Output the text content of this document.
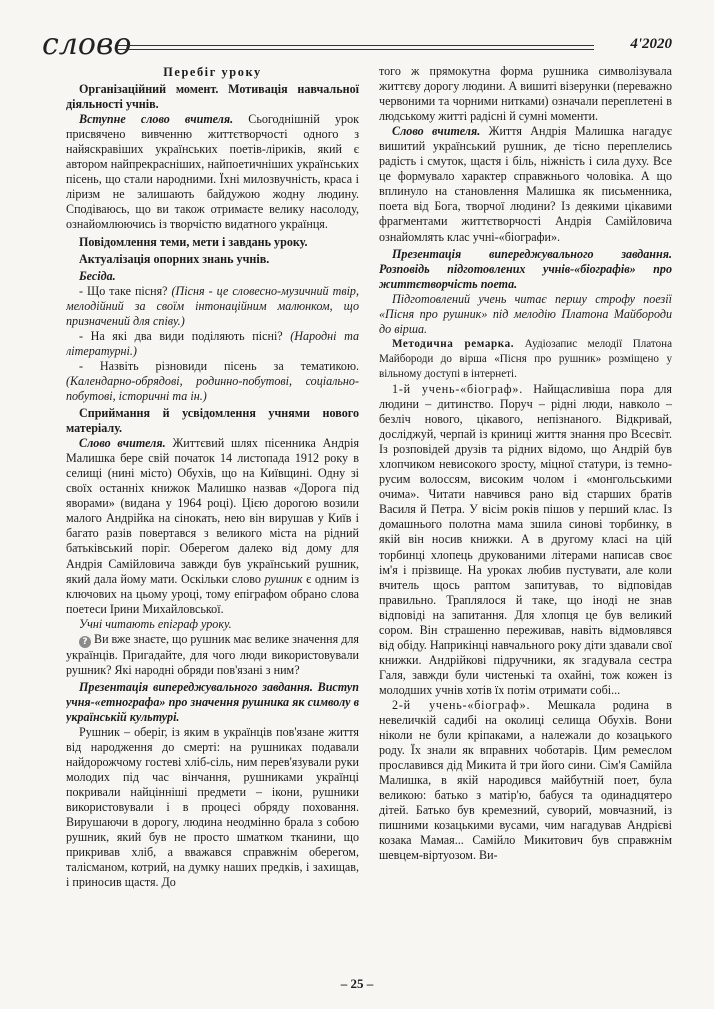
слово	4'2020
Перебіг уроку

Організаційний момент. Мотивація навчальної діяльності учнів.

Вступне слово вчителя. Сьогоднішній урок присвячено вивченню життєтворчості одного з найяскравіших українських поетів-ліриків, який є автором найпрекрасніших, найпоетичніших українських пісень, що стали народними. Їхні милозвучність, краса і ліризм не залишають байдужою жодну людину. Сподіваюсь, що ви також отримаєте велику насолоду, ознайомлюючись із творчістю видатного українця.

Повідомлення теми, мети і завдань уроку.

Актуалізація опорних знань учнів.

Бесіда.

- Що таке пісня? (Пісня - це словесно-музичний твір, мелодійний за своїм інтонаційним малюнком, що призначений для співу.)

- На які два види поділяють пісні? (Народні та літературні.)

- Назвіть різновиди пісень за тематикою. (Календарно-обрядові, родинно-побутові, соціально-побутові, історичні та ін.)

Сприймання й усвідомлення учнями нового матеріалу.

Слово вчителя. Життєвий шлях пісенника Андрія Малишка бере свій початок 14 листопада 1912 року в селищі (нині місто) Обухів, що на Київщині. Одну зі своїх останніх книжок Малишко назвав «Дорога під яворами» (видана у 1964 році). Цією дорогою возили малого Андрійка на сінокать, нею він вирушав у Київ і багато разів повертався з великого міста на рідний батьківський поріг. Оберегом далеко від дому для Андрія Самійловича завжди був український рушник, який дала йому мати. Оскільки слово рушник є одним із ключових на цьому уроці, тому епіграфом обрано слова поетеси Ірини Михайловської.

Учні читають епіграф уроку.

? Ви вже знаєте, що рушник має велике значення для українців. Пригадайте, для чого люди використовували рушник? Які народні обряди пов'язані з ним?

Презентація випереджувального завдання. Виступ учня-«етнографа» про значення рушника як символу в українській культурі.

Рушник – оберіг, із яким в українців пов'язане життя від народження до смерті: на рушниках подавали найдорожчому гостеві хліб-сіль, ним перев'язували руки молодих під час вінчання, рушниками українці покривали найцінніші предмети – ікони, рушники використовували і в процесі обряду поховання. Вирушаючи в дорогу, людина неодмінно брала з собою рушник, який був не просто шматком тканини, що прикривав хліб, а вважався справжнім оберегом, талісманом, котрий, на думку наших предків, і захищав, і приносив щастя. До

того ж прямокутна форма рушника символізувала життєву дорогу людини. А вишиті візерунки (переважно червоними та чорними нитками) означали переплетені в людському житті радісні й сумні моменти.

Слово вчителя. Життя Андрія Малишка нагадує вишитий український рушник, де тісно переплелись радість і смуток, щастя і біль, ніжність і сила духу. Все це формувало характер справжнього чоловіка. А що вплинуло на становлення Малишка як письменника, поета від Бога, творчої людини? Із деякими цікавими фрагментами життєтворчості Андрія Самійловича ознайомлять клас учні-«біографи».

Презентація випереджувального завдання. Розповідь підготовлених учнів-«біографів» про життєтворчість поета.

Підготовлений учень читає першу строфу поезії «Пісня про рушник» під мелодію Платона Майбороди до вірша.

Методична ремарка. Аудіозапис мелодії Платона Майбороди до вірша «Пісня про рушник» розміщено у вільному доступі в інтернеті.

1-й учень-«біограф». Найщасливіша пора для людини – дитинство. Поруч – рідні люди, навколо – безліч нового, цікавого, непізнаного. Відкривай, досліджуй, черпай із криниці життя знання про Всесвіт. Із розповідей друзів та рідних відомо, що Андрій був хлопчиком невисокого зросту, міцної статури, із темно-русим волоссям, високим чолом і «монгольськими очима». Читати навчився рано від старших братів Василя й Петра. У вісім років пішов у перший клас. Із домашнього полотна мама зшила синові торбинку, в якій він носив книжки. А в другому класі на цій торбинці хлопець друкованими літерами написав своє ім'я і прізвище. На уроках любив пустувати, але коли вчитель щось раптом запитував, то відповідав правильно. Траплялося й таке, що іноді не знав відповіді на запитання. Для хлопця це був великий сором. Він страшенно переживав, навіть відмовлявся від обіду. Наприкінці навчального року діти здавали свої книжки. Андрійкові підручники, як згадувала сестра Галя, завжди були чистенькі та охайні, тож кожен із молодших учнів хотів їх потім отримати собі...

2-й учень-«біограф». Мешкала родина в невеличкій садибі на околиці селища Обухів. Вони ніколи не були кріпаками, а належали до козацького роду. Їх знали як вправних чоботарів. Цим ремеслом прославився дід Микита й три його сини. Сім'я Самійла Малишка, в якій народився майбутній поет, була великою: батько з матір'ю, бабуся та одинадцятеро дітей. Батько був кремезний, суворий, мовчазний, із пишними козацькими вусами, чим нагадував Андрієві козака Мамая... Самійло Микитович був справжнім шевцем-віртуозом. Ви-

– 25 –
